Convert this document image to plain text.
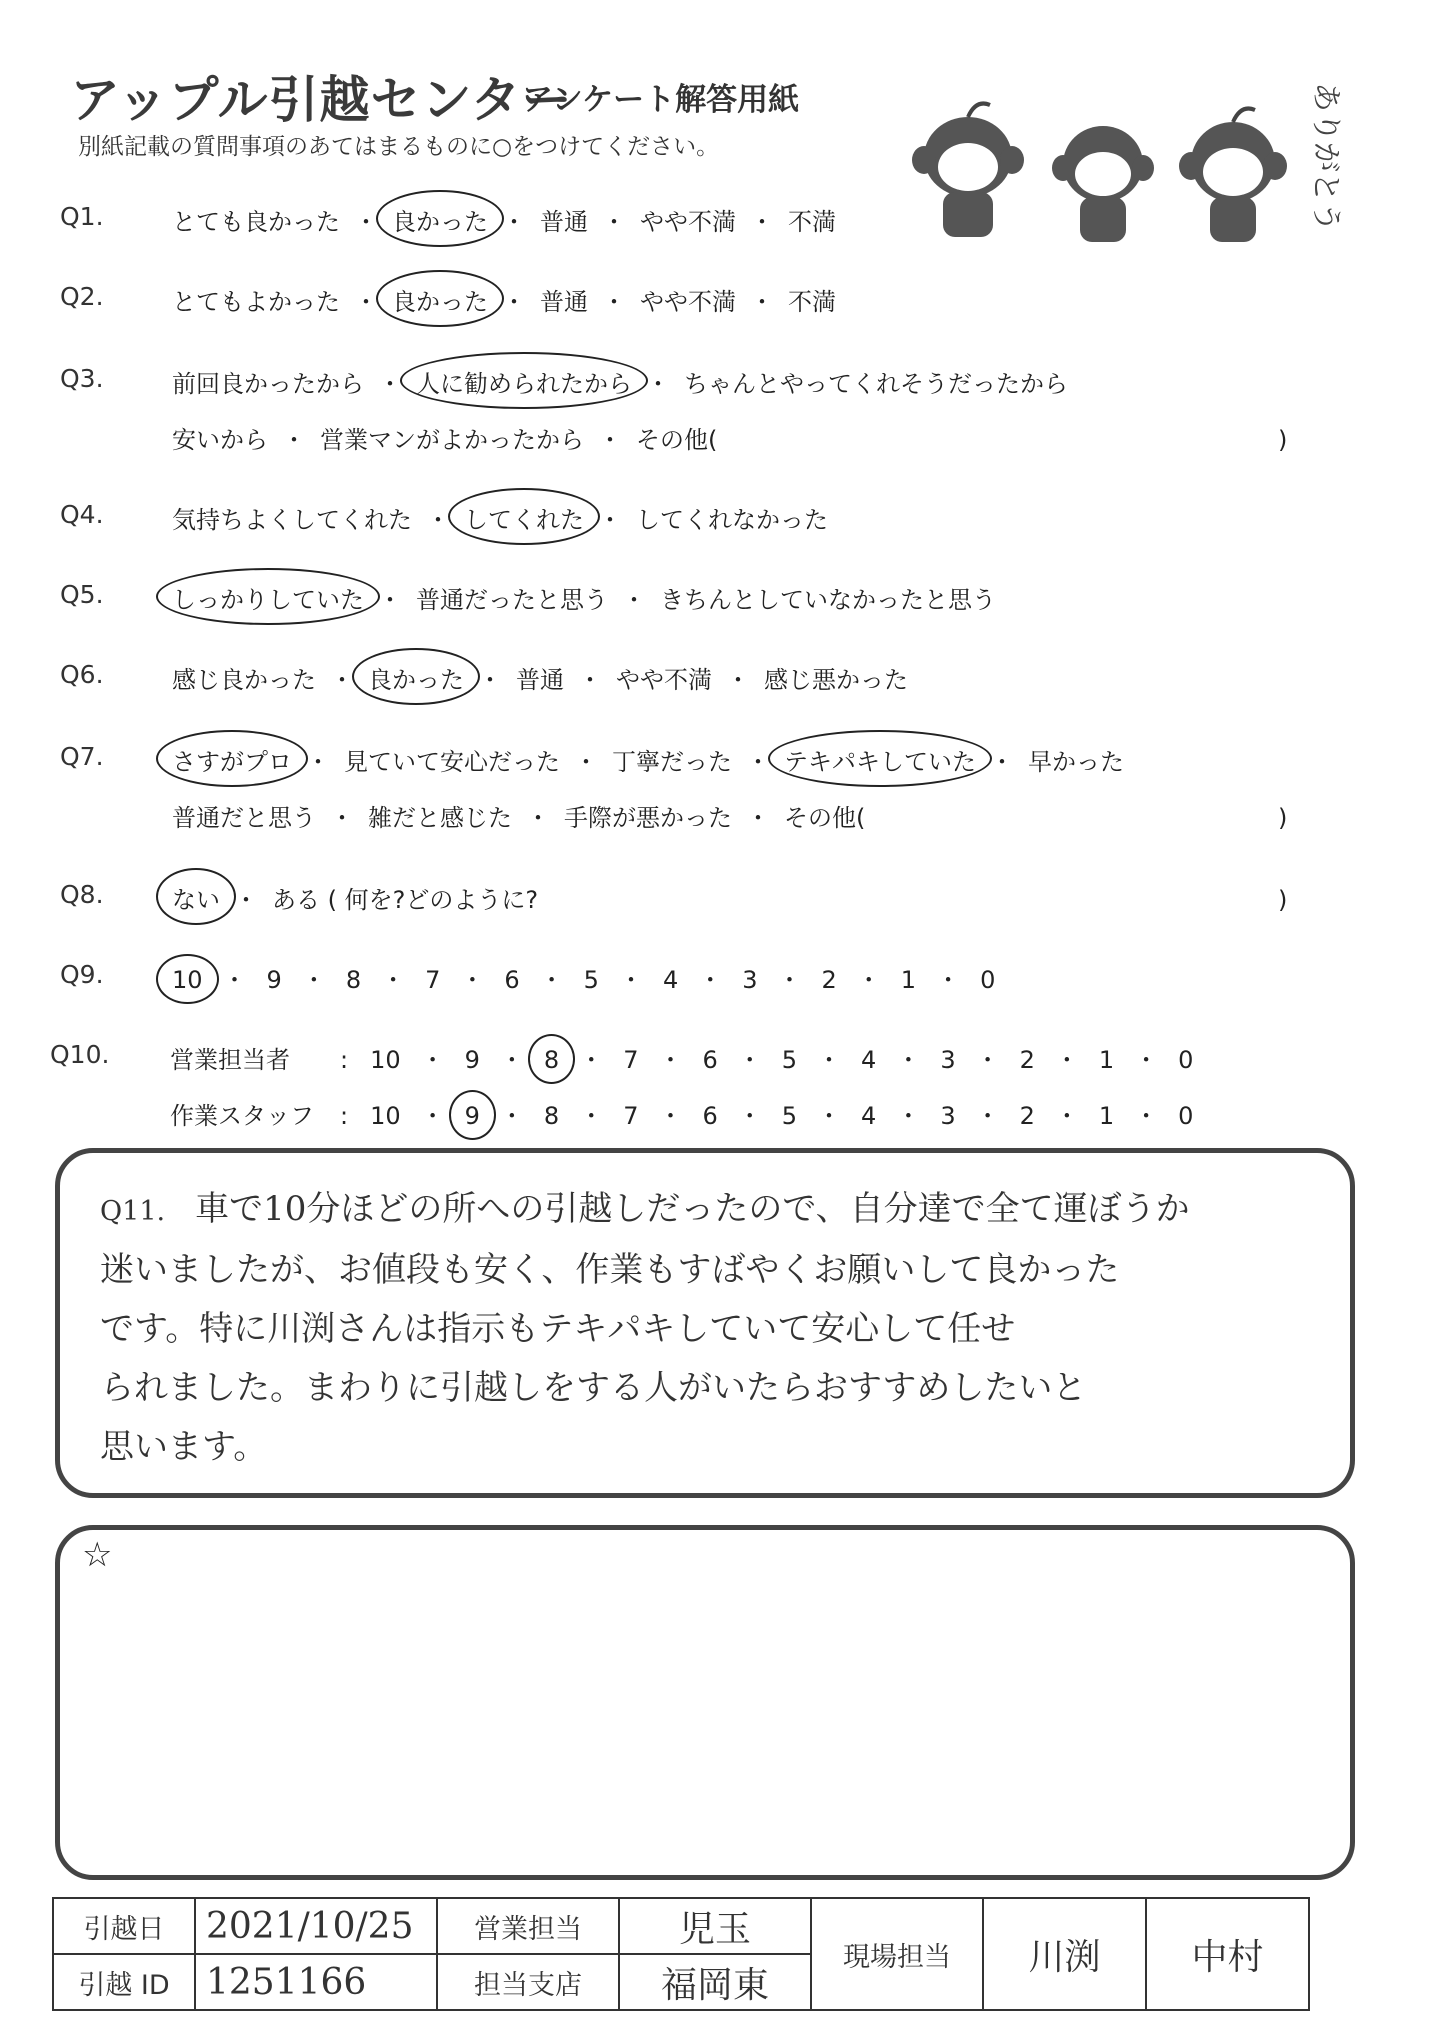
アップル引越センター
アンケート解答用紙
別紙記載の質問事項のあてはまるものに○をつけてください。	ありがとう
Q1.	とても良かった ・ 良かった ・ 普通 ・ やや不満 ・ 不満
Q2.	とてもよかった ・ 良かった ・ 普通 ・ やや不満 ・ 不満
Q3.	前回良かったから ・ 人に勧められたから ・ ちゃんとやってくれそうだったから
安いから ・ 営業マンがよかったから ・ その他(	)
Q4.	気持ちよくしてくれた ・ してくれた ・ してくれなかった
Q5.	しっかりしていた ・ 普通だったと思う ・ きちんとしていなかったと思う
Q6.	感じ良かった ・ 良かった ・ 普通 ・ やや不満 ・ 感じ悪かった
Q7.	さすがプロ ・ 見ていて安心だった ・ 丁寧だった ・ テキパキしていた ・ 早かった
普通だと思う ・ 雑だと感じた ・ 手際が悪かった ・ その他(	)
Q8.	ない ・ ある ( 何を?どのように?	)
Q9.	10 ・ 9 ・ 8 ・ 7 ・ 6 ・ 5 ・ 4 ・ 3 ・ 2 ・ 1 ・ 0
Q10.	営業担当者 : 10 ・ 9 ・ 8 ・ 7 ・ 6 ・ 5 ・ 4 ・ 3 ・ 2 ・ 1 ・ 0
作業スタッフ : 10 ・ 9 ・ 8 ・ 7 ・ 6 ・ 5 ・ 4 ・ 3 ・ 2 ・ 1 ・ 0
Q11. 車で10分ほどの所への引越しだったので、自分達で全て運ぼうか
迷いましたが、お値段も安く、作業もすばやくお願いして良かった
です。特に川渕さんは指示もテキパキしていて安心して任せ
られました。まわりに引越しをする人がいたらおすすめしたいと
思います。
☆
引越日	2021/10/25	営業担当	児玉	現場担当	川渕	中村
引越 ID	1251166	担当支店	福岡東			
